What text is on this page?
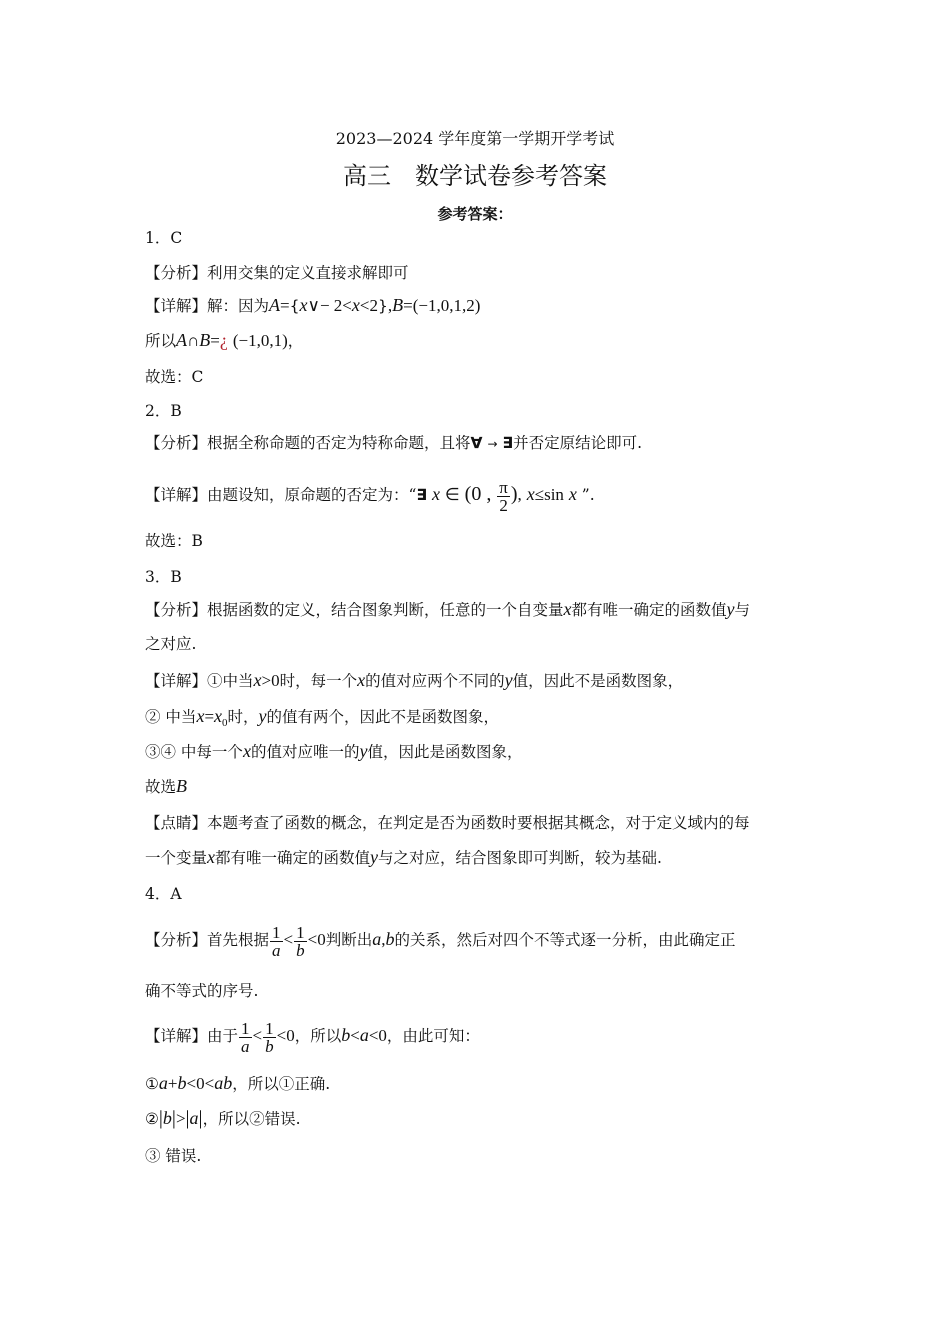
2023—2024 学年度第一学期开学考试
高三　数学试卷参考答案
参考答案：
1．C
【分析】利用交集的定义直接求解即可
【详解】解：因为A={x∨− 2<x<2},B=(−1,0,1,2)
所以A∩B=¿ (−1,0,1)，
故选：C
2．B
【分析】根据全称命题的否定为特称命题，且将∀ → ∃并否定原结论即可.
【详解】由题设知，原命题的否定为：“∃ x ∈ (0 , $\frac{\pi}{2}$ ), x≤sin x ”.
故选：B
3．B
【分析】根据函数的定义，结合图象判断，任意的一个自变量x都有唯一确定的函数值y与
之对应.
【详解】①中当x>0时，每一个x的值对应两个不同的y值，因此不是函数图象，
② 中当$x=x_0$时，y的值有两个，因此不是函数图象，
③④ 中每一个x的值对应唯一的y值，因此是函数图象，
故选B
【点睛】本题考查了函数的概念，在判定是否为函数时要根据其概念，对于定义域内的每
一个变量x都有唯一确定的函数值y与之对应，结合图象即可判断，较为基础.
4．A
【分析】首先根据 $\frac{1}{a} < \frac{1}{b} <0$判断出a,b的关系，然后对四个不等式逐一分析，由此确定正
确不等式的序号.
【详解】由于 $\frac{1}{a} < \frac{1}{b} <0$，所以b<a<0，由此可知：
①a+b<0<ab，所以①正确.
②|b|>|a|，所以②错误.
③ 错误.
